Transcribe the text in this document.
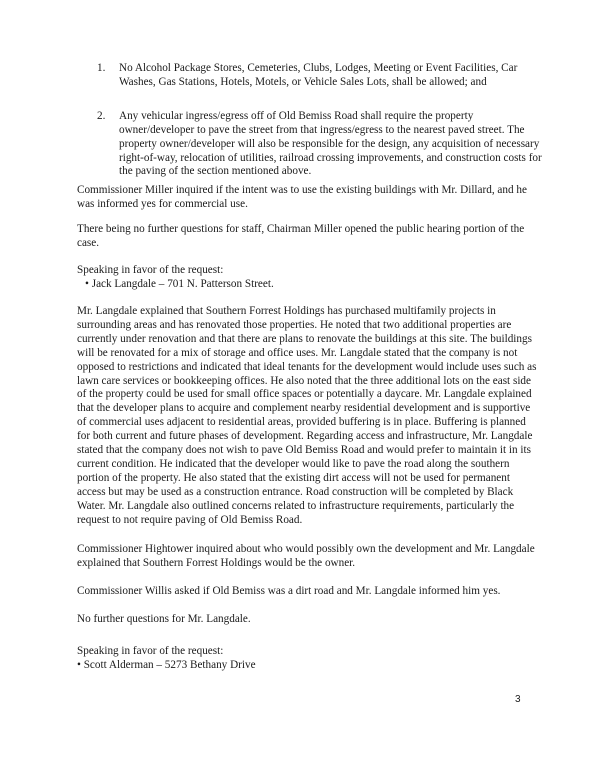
1. No Alcohol Package Stores, Cemeteries, Clubs, Lodges, Meeting or Event Facilities, Car Washes, Gas Stations, Hotels, Motels, or Vehicle Sales Lots, shall be allowed; and
2. Any vehicular ingress/egress off of Old Bemiss Road shall require the property owner/developer to pave the street from that ingress/egress to the nearest paved street. The property owner/developer will also be responsible for the design, any acquisition of necessary right-of-way, relocation of utilities, railroad crossing improvements, and construction costs for the paving of the section mentioned above.

Commissioner Miller inquired if the intent was to use the existing buildings with Mr. Dillard, and he was informed yes for commercial use.

There being no further questions for staff, Chairman Miller opened the public hearing portion of the case.

Speaking in favor of the request:
• Jack Langdale – 701 N. Patterson Street.

Mr. Langdale explained that Southern Forrest Holdings has purchased multifamily projects in surrounding areas and has renovated those properties. He noted that two additional properties are currently under renovation and that there are plans to renovate the buildings at this site. The buildings will be renovated for a mix of storage and office uses. Mr. Langdale stated that the company is not opposed to restrictions and indicated that ideal tenants for the development would include uses such as lawn care services or bookkeeping offices. He also noted that the three additional lots on the east side of the property could be used for small office spaces or potentially a daycare. Mr. Langdale explained that the developer plans to acquire and complement nearby residential development and is supportive of commercial uses adjacent to residential areas, provided buffering is in place. Buffering is planned for both current and future phases of development. Regarding access and infrastructure, Mr. Langdale stated that the company does not wish to pave Old Bemiss Road and would prefer to maintain it in its current condition. He indicated that the developer would like to pave the road along the southern portion of the property. He also stated that the existing dirt access will not be used for permanent access but may be used as a construction entrance. Road construction will be completed by Black Water. Mr. Langdale also outlined concerns related to infrastructure requirements, particularly the request to not require paving of Old Bemiss Road.

Commissioner Hightower inquired about who would possibly own the development and Mr. Langdale explained that Southern Forrest Holdings would be the owner.

Commissioner Willis asked if Old Bemiss was a dirt road and Mr. Langdale informed him yes.

No further questions for Mr. Langdale.

Speaking in favor of the request:
• Scott Alderman – 5273 Bethany Drive
3
